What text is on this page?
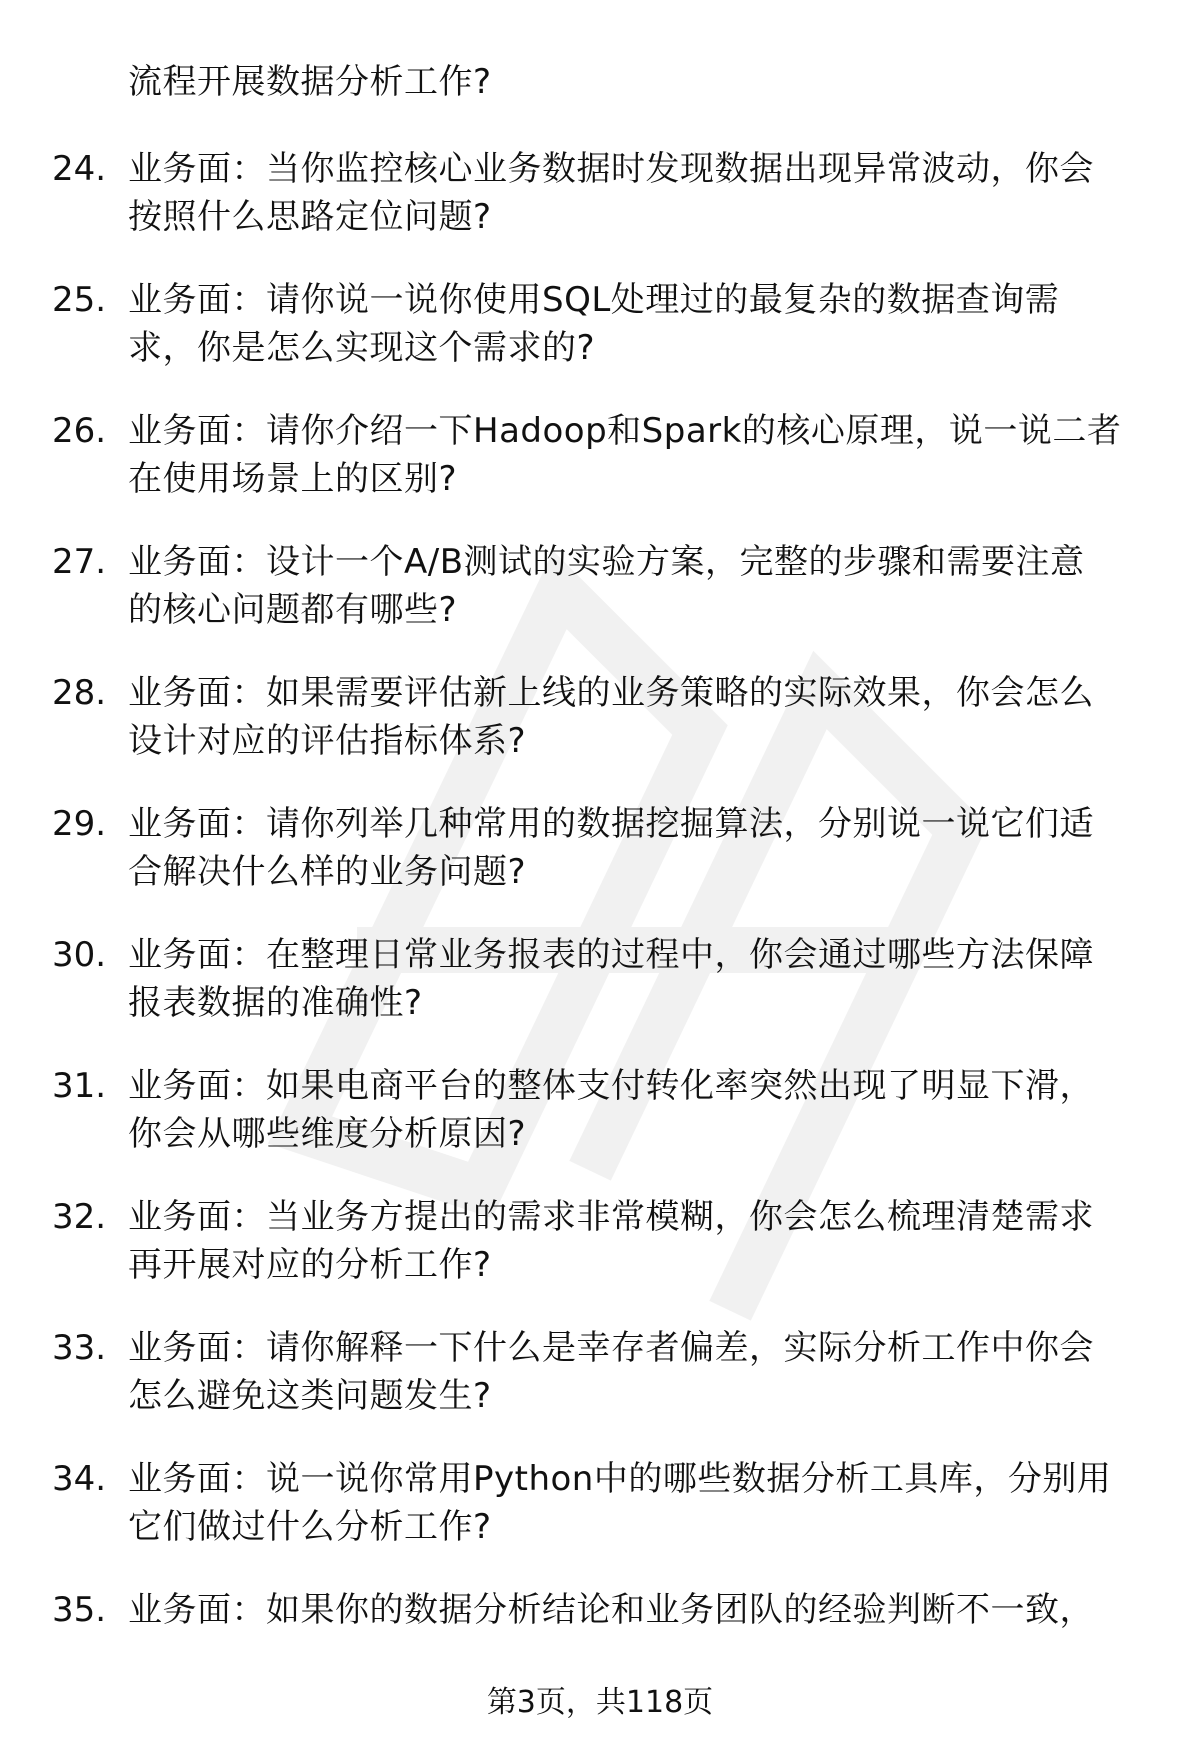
流程开展数据分析工作?
24. 业务面：当你监控核心业务数据时发现数据出现异常波动，你会
按照什么思路定位问题?
25. 业务面：请你说一说你使用SQL处理过的最复杂的数据查询需
求，你是怎么实现这个需求的?
26. 业务面：请你介绍一下Hadoop和Spark的核心原理，说一说二者
在使用场景上的区别?
27. 业务面：设计一个A/B测试的实验方案，完整的步骤和需要注意
的核心问题都有哪些?
28. 业务面：如果需要评估新上线的业务策略的实际效果，你会怎么
设计对应的评估指标体系?
29. 业务面：请你列举几种常用的数据挖掘算法，分别说一说它们适
合解决什么样的业务问题?
30. 业务面：在整理日常业务报表的过程中，你会通过哪些方法保障
报表数据的准确性?
31. 业务面：如果电商平台的整体支付转化率突然出现了明显下滑，
你会从哪些维度分析原因?
32. 业务面：当业务方提出的需求非常模糊，你会怎么梳理清楚需求
再开展对应的分析工作?
33. 业务面：请你解释一下什么是幸存者偏差，实际分析工作中你会
怎么避免这类问题发生?
34. 业务面：说一说你常用Python中的哪些数据分析工具库，分别用
它们做过什么分析工作?
35. 业务面：如果你的数据分析结论和业务团队的经验判断不一致，
第3页，共118页
